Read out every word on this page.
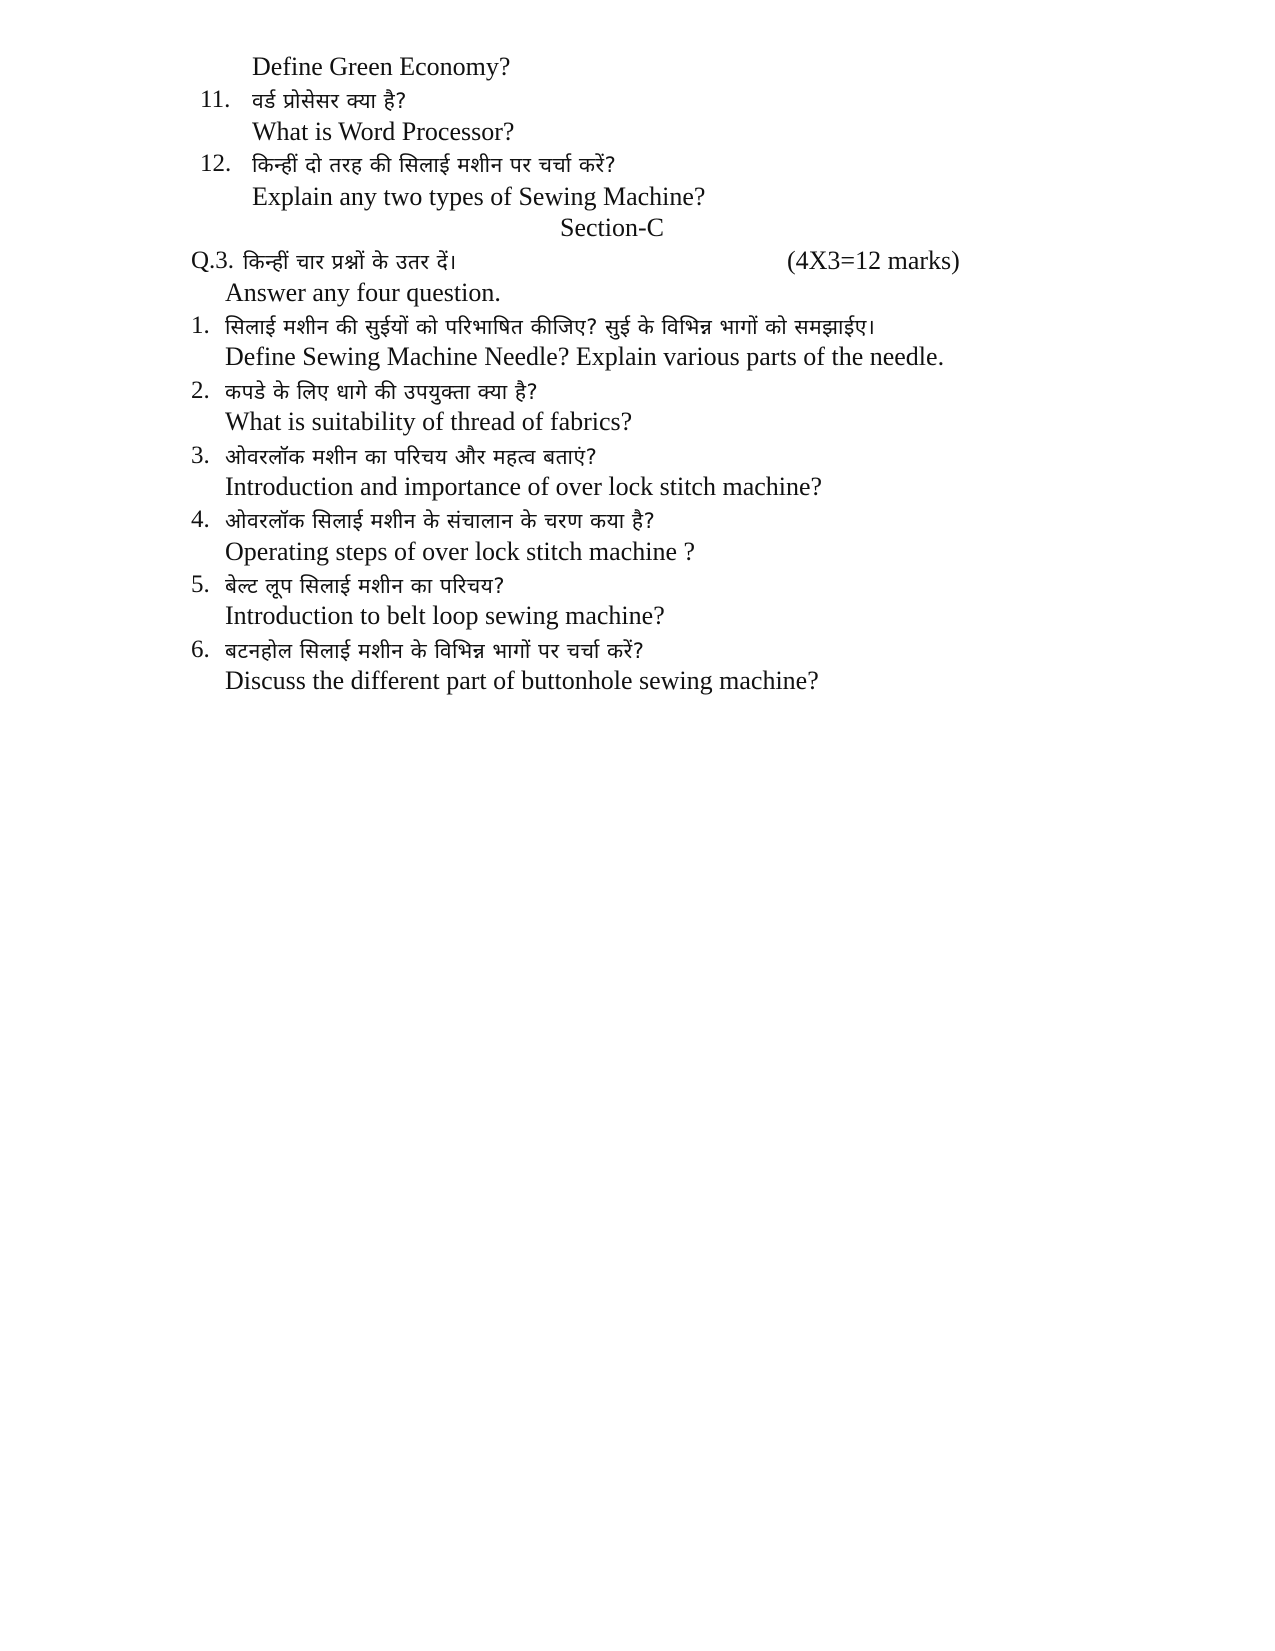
Define Green Economy?
11. वर्ड प्रोसेसर क्या है?
What is Word Processor?
12. किन्हीं दो तरह की सिलाई मशीन पर चर्चा करें?
Explain any two types of Sewing Machine?
Section-C
Q.3. किन्हीं चार प्रश्नों के उतर दें।	(4X3=12 marks)
Answer any four question.
1. सिलाई मशीन की सुईयों को परिभाषित कीजिए? सुई के विभिन्न भागों को समझाईए।
Define Sewing Machine Needle? Explain various parts of the needle.
2. कपडे के लिए धागे की उपयुक्ता क्या है?
What is suitability of thread of fabrics?
3. ओवरलॉक मशीन का परिचय और महत्व बताएं?
Introduction and importance of over lock stitch machine?
4. ओवरलॉक सिलाई मशीन के संचालान के चरण कया है?
Operating steps of over lock stitch machine ?
5. बेल्ट लूप सिलाई मशीन का परिचय?
Introduction to belt loop sewing machine?
6. बटनहोल सिलाई मशीन के विभिन्न भागों पर चर्चा करें?
Discuss the different part of buttonhole sewing machine?
